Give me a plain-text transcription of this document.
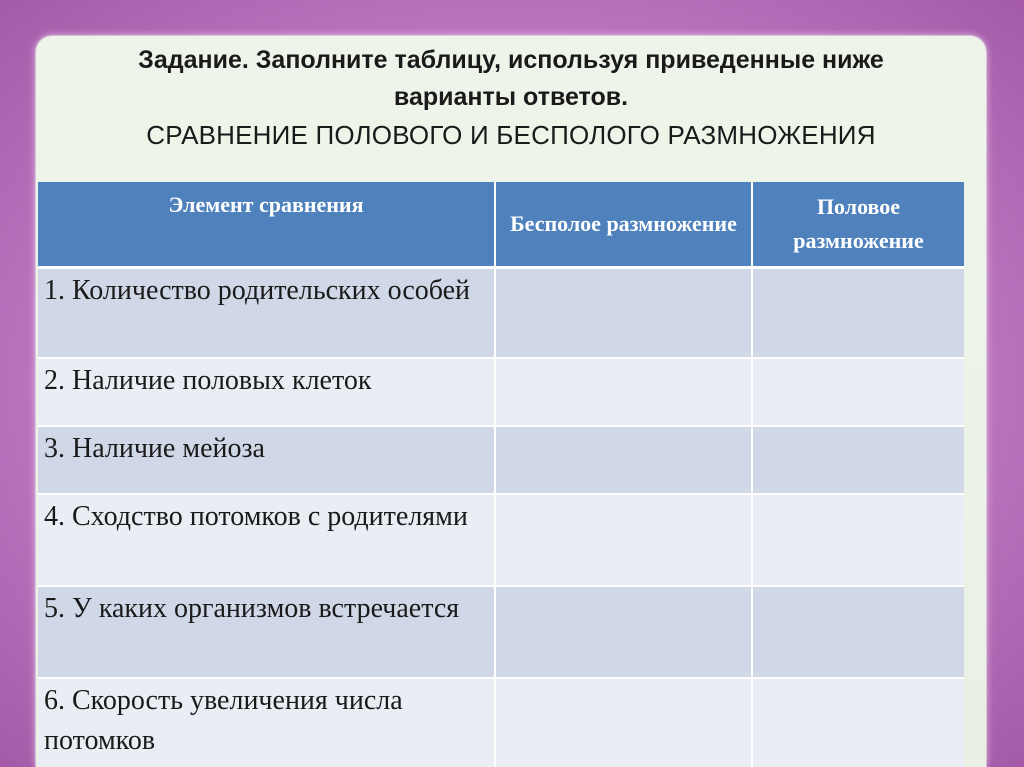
Задание. Заполните таблицу, используя приведенные ниже
варианты ответов.
СРАВНЕНИЕ ПОЛОВОГО И БЕСПОЛОГО РАЗМНОЖЕНИЯ
Элемент сравнения	Бесполое размножение	Половое размножение
1. Количество родительских особей		
2. Наличие половых клеток		
3. Наличие мейоза		
4. Сходство потомков с родителями		
5. У каких организмов встречается		
6. Скорость увеличения числа потомков		
